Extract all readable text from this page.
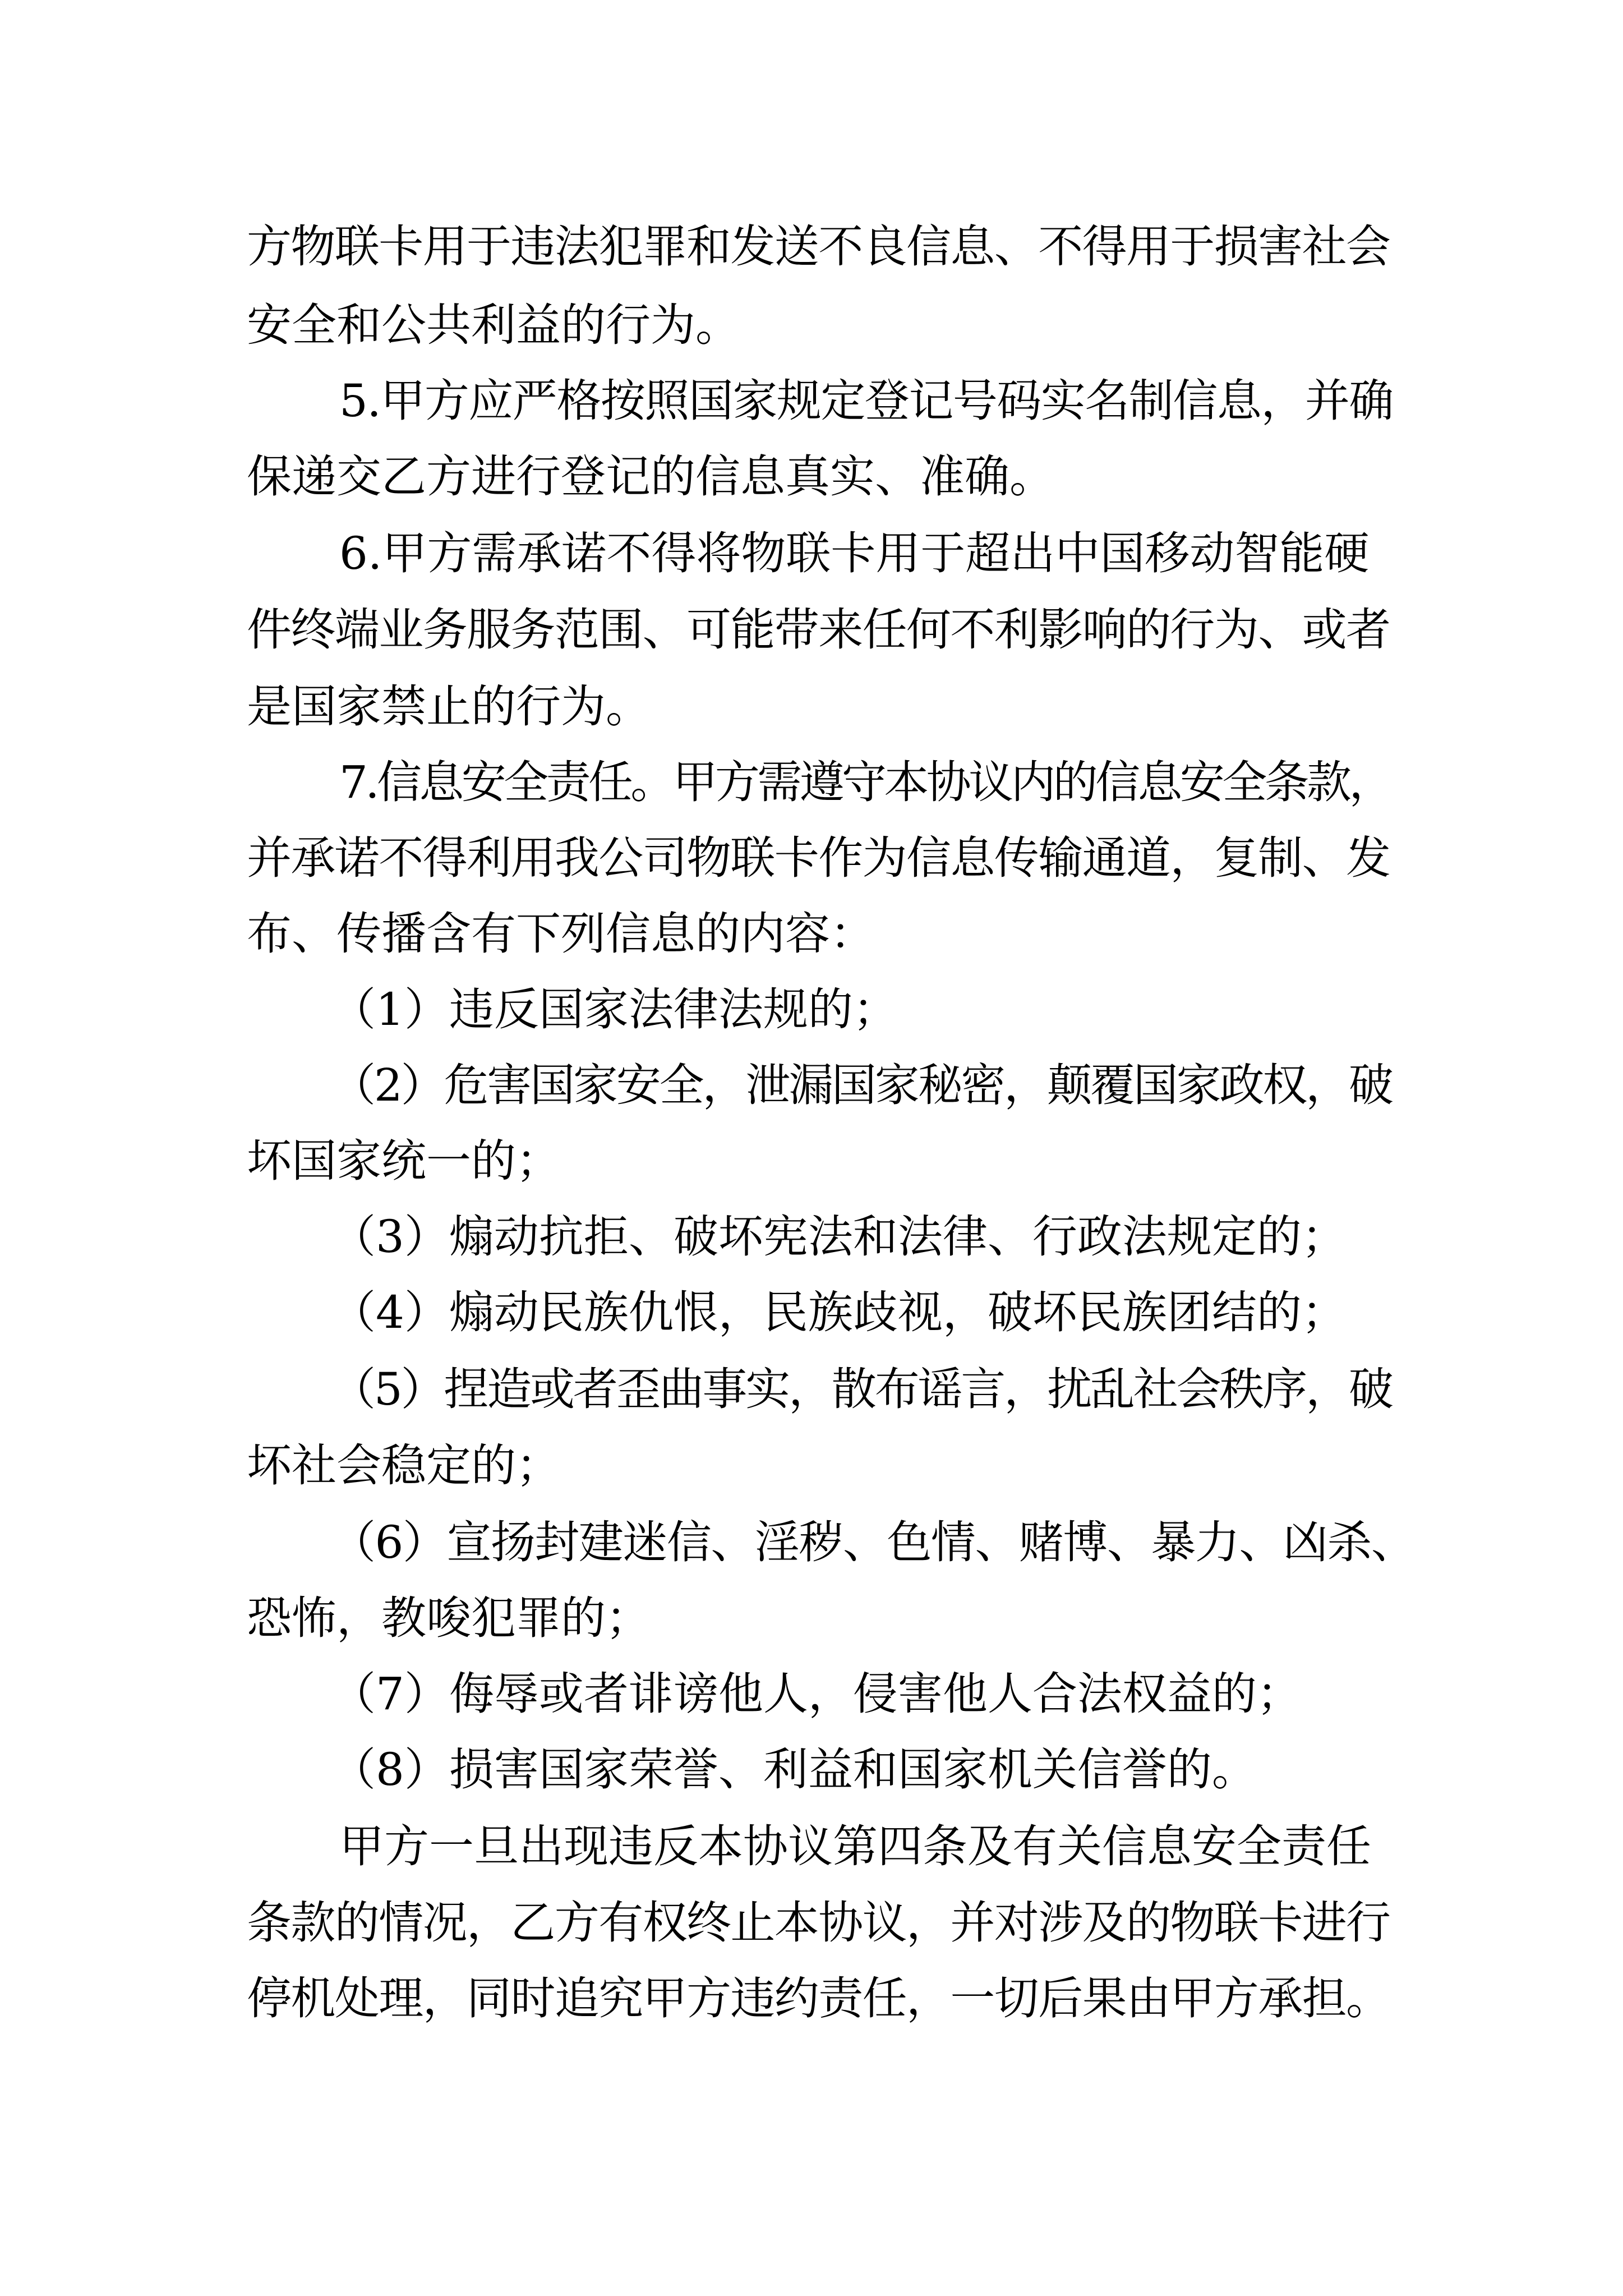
方物联卡用于违法犯罪和发送不良信息、不得用于损害社会

安全和公共利益的行为。

5.甲方应严格按照国家规定登记号码实名制信息，并确

保递交乙方进行登记的信息真实、准确。

6.甲方需承诺不得将物联卡用于超出中国移动智能硬

件终端业务服务范围、可能带来任何不利影响的行为、或者

是国家禁止的行为。

7.信息安全责任。甲方需遵守本协议内的信息安全条款，

并承诺不得利用我公司物联卡作为信息传输通道，复制、发

布、传播含有下列信息的内容：

（1）违反国家法律法规的；

（2）危害国家安全，泄漏国家秘密，颠覆国家政权，破

坏国家统一的；

（3）煽动抗拒、破坏宪法和法律、行政法规定的；

（4）煽动民族仇恨，民族歧视，破坏民族团结的；

（5）捏造或者歪曲事实，散布谣言，扰乱社会秩序，破

坏社会稳定的；

（6）宣扬封建迷信、淫秽、色情、赌博、暴力、凶杀、

恐怖，教唆犯罪的；

（7）侮辱或者诽谤他人，侵害他人合法权益的；

（8）损害国家荣誉、利益和国家机关信誉的。

甲方一旦出现违反本协议第四条及有关信息安全责任

条款的情况，乙方有权终止本协议，并对涉及的物联卡进行

停机处理，同时追究甲方违约责任，一切后果由甲方承担。
